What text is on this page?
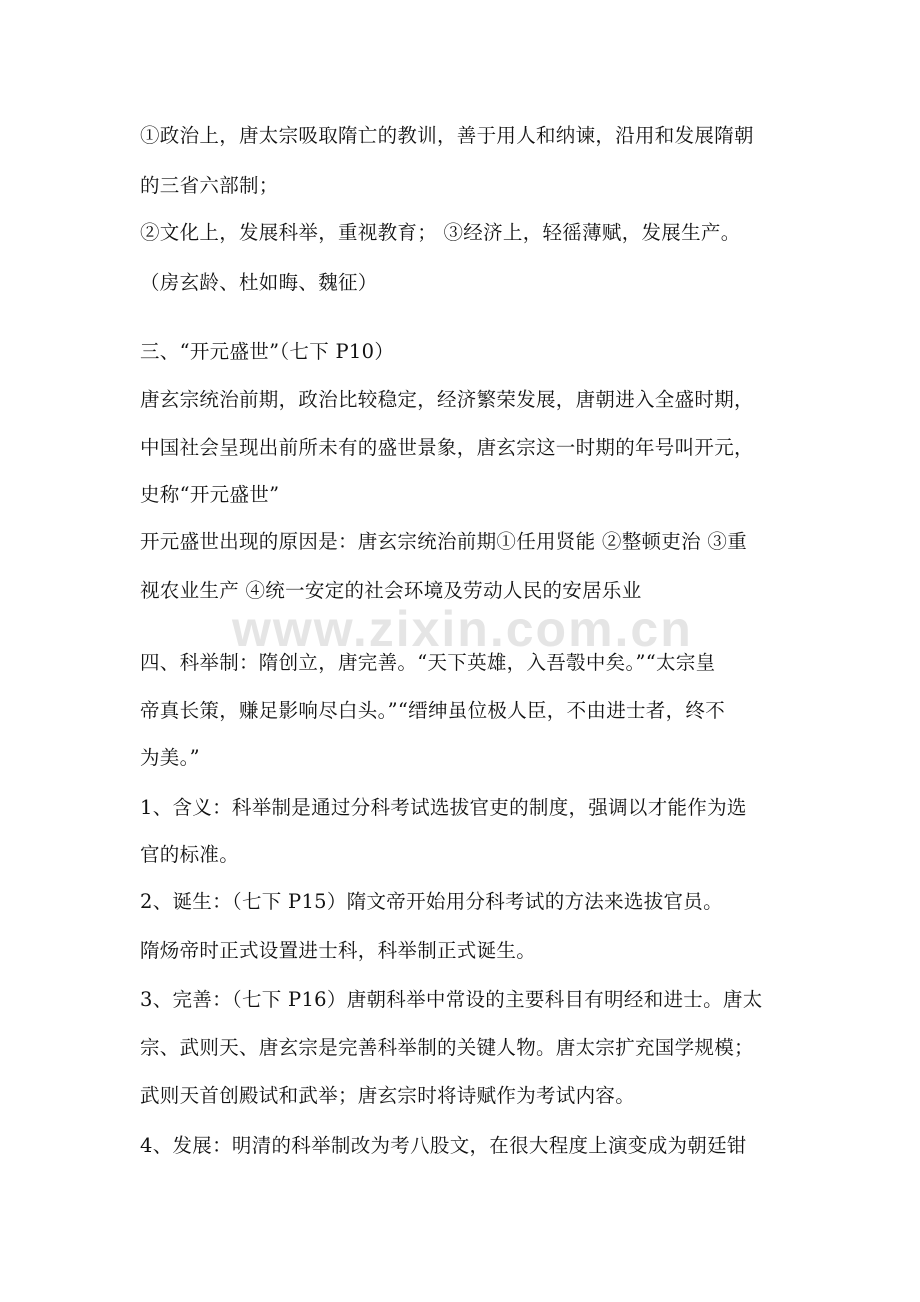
①政治上，唐太宗吸取隋亡的教训，善于用人和纳谏，沿用和发展隋朝
的三省六部制；
②文化上，发展科举，重视教育； ③经济上，轻徭薄赋，发展生产。
（房玄龄、杜如晦、魏征）
三、“开元盛世”（七下 P10）
唐玄宗统治前期，政治比较稳定，经济繁荣发展，唐朝进入全盛时期，
中国社会呈现出前所未有的盛世景象，唐玄宗这一时期的年号叫开元，
史称“开元盛世”
开元盛世出现的原因是：唐玄宗统治前期①任用贤能 ②整顿吏治 ③重
视农业生产 ④统一安定的社会环境及劳动人民的安居乐业
四、科举制：隋创立，唐完善。“天下英雄，入吾彀中矣。”“太宗皇
帝真长策，赚足影响尽白头。”“缙绅虽位极人臣，不由进士者，终不
为美。”
1、含义：科举制是通过分科考试选拔官吏的制度，强调以才能作为选
官的标准。
2、诞生：（七下 P15）隋文帝开始用分科考试的方法来选拔官员。
隋炀帝时正式设置进士科，科举制正式诞生。
3、完善：（七下 P16）唐朝科举中常设的主要科目有明经和进士。唐太
宗、武则天、唐玄宗是完善科举制的关键人物。唐太宗扩充国学规模；
武则天首创殿试和武举；唐玄宗时将诗赋作为考试内容。
4、发展：明清的科举制改为考八股文，在很大程度上演变成为朝廷钳
www.zixin.com.cn
